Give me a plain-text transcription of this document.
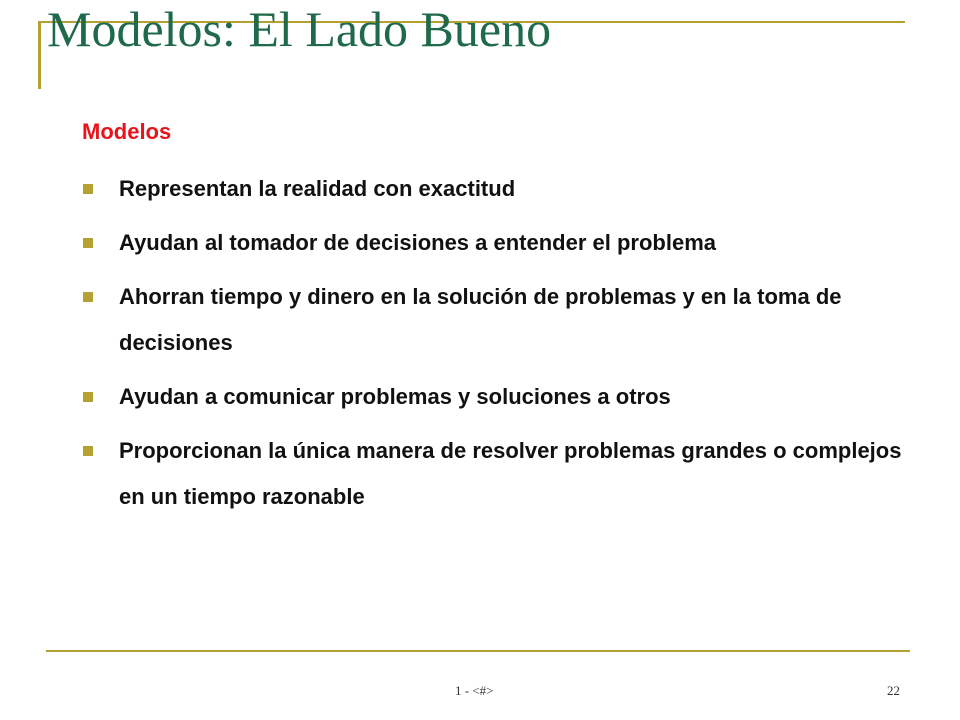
Modelos: El Lado Bueno
Modelos
Representan la realidad con exactitud
Ayudan al tomador de decisiones a entender el problema
Ahorran tiempo y dinero en la solución de problemas y en la toma de decisiones
Ayudan a comunicar problemas y soluciones a otros
Proporcionan la única manera de resolver problemas grandes o complejos en un tiempo razonable
1 - <#>	22
